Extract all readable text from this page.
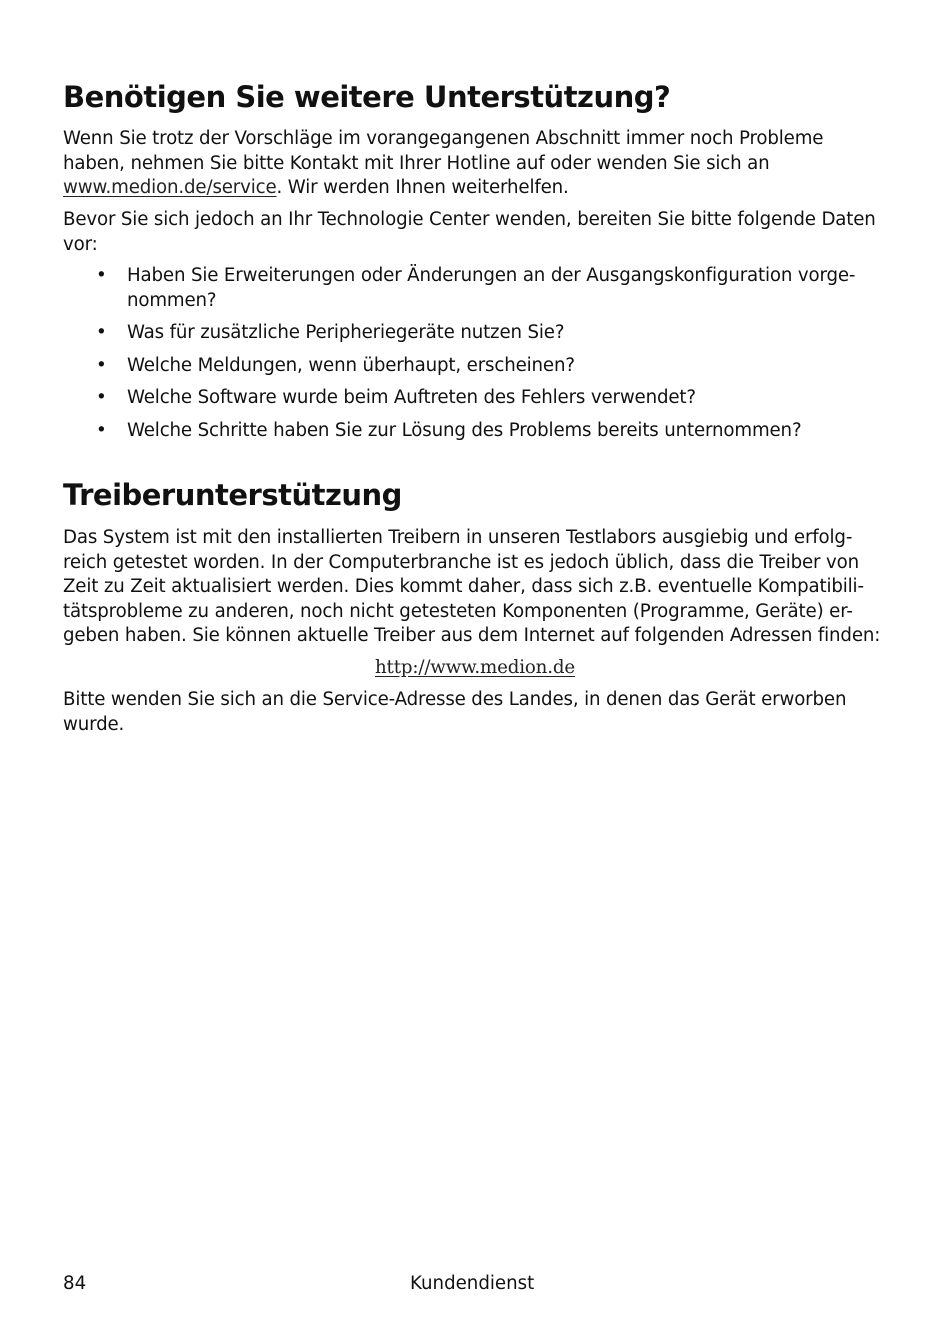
Benötigen Sie weitere Unterstützung?

Wenn Sie trotz der Vorschläge im vorangegangenen Abschnitt immer noch Probleme
haben, nehmen Sie bitte Kontakt mit Ihrer Hotline auf oder wenden Sie sich an
www.medion.de/service. Wir werden Ihnen weiterhelfen.

Bevor Sie sich jedoch an Ihr Technologie Center wenden, bereiten Sie bitte folgende Daten
vor:

• Haben Sie Erweiterungen oder Änderungen an der Ausgangskonfiguration vorge-
nommen?
• Was für zusätzliche Peripheriegeräte nutzen Sie?
• Welche Meldungen, wenn überhaupt, erscheinen?
• Welche Software wurde beim Auftreten des Fehlers verwendet?
• Welche Schritte haben Sie zur Lösung des Problems bereits unternommen?
Treiberunterstützung

Das System ist mit den installierten Treibern in unseren Testlabors ausgiebig und erfolg-
reich getestet worden. In der Computerbranche ist es jedoch üblich, dass die Treiber von
Zeit zu Zeit aktualisiert werden. Dies kommt daher, dass sich z.B. eventuelle Kompatibili-
tätsprobleme zu anderen, noch nicht getesteten Komponenten (Programme, Geräte) er-
geben haben. Sie können aktuelle Treiber aus dem Internet auf folgenden Adressen finden:

http://www.medion.de

Bitte wenden Sie sich an die Service-Adresse des Landes, in denen das Gerät erworben
wurde.

84	Kundendienst
